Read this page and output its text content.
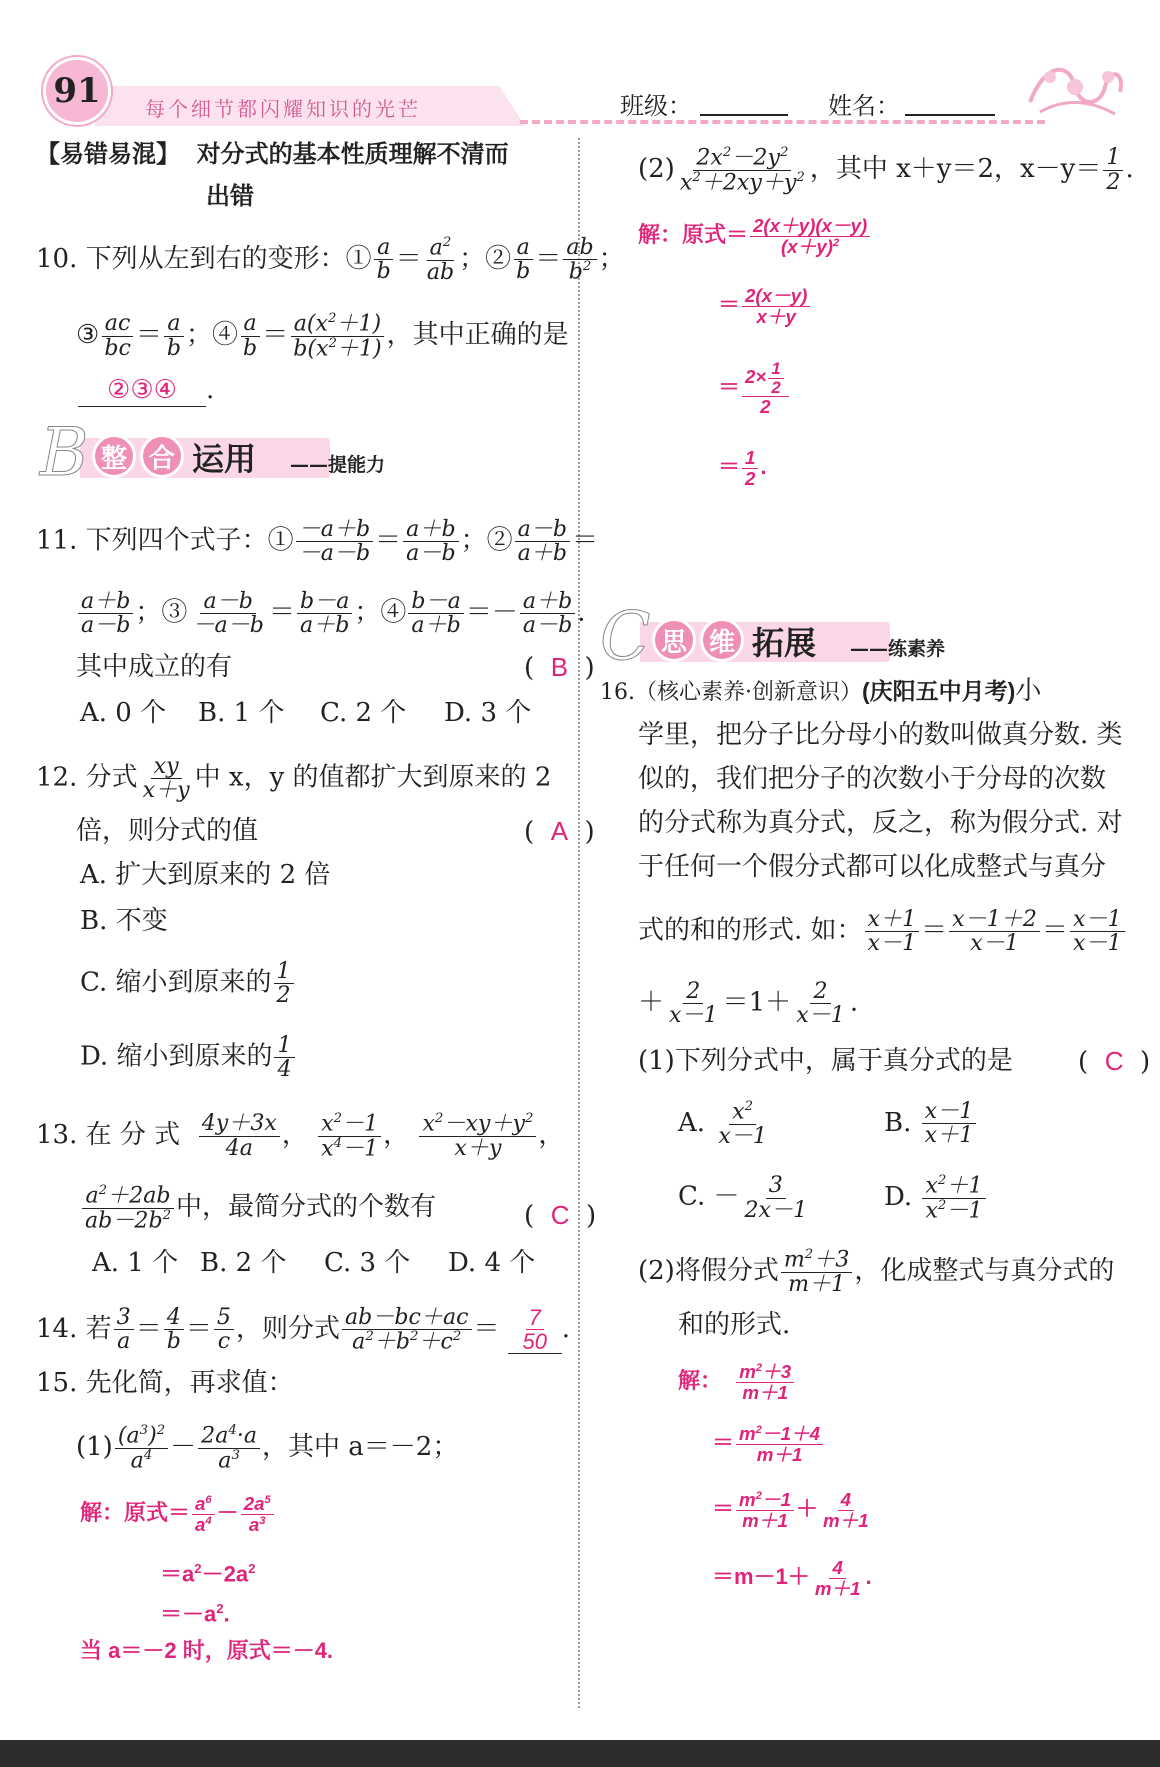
91	每个细节都闪耀知识的光芒	班级：	姓名：
【易错易混】 对分式的基本性质理解不清而
出错
10. 下列从左到右的变形：① $\frac{a}{b} = \frac{a^2}{ab}$ ；② $\frac{a}{b} = \frac{ab}{b^2}$ ；
③ $\frac{ac}{bc} = \frac{a}{b}$ ；④ $\frac{a}{b} = \frac{a(x^2+1)}{b(x^2+1)}$ ，其中正确的是
②③④ .
B 整 合 运用 ——提能力
11. 下列四个式子：① $\frac{-a+b}{-a-b} = \frac{a+b}{a-b}$ ；② $\frac{a-b}{a+b}$ ＝
$\frac{a+b}{a-b}$ ；③ $\frac{a-b}{-a-b} = \frac{b-a}{a+b}$ ；④ $\frac{b-a}{a+b} =- \frac{a+b}{a-b}$ .
其中成立的有	(  B  )
A. 0 个 B. 1 个 C. 2 个 D. 3 个
12. 分式 $\frac{xy}{x+y}$ 中 x，y 的值都扩大到原来的 2
倍，则分式的值	(  A  )
A. 扩大到原来的 2 倍
B. 不变
C. 缩小到原来的 $\frac{1}{2}$
D. 缩小到原来的 $\frac{1}{4}$
13. 在 分 式 $\frac{4y+3x}{4a}$ ， $\frac{x^2-1}{x^4-1}$ ， $\frac{x^2-xy+y^2}{x+y}$ ，
$\frac{a^2+2ab}{ab-2b^2}$ 中，最简分式的个数有	(  C  )
A. 1 个 B. 2 个 C. 3 个 D. 4 个
14. 若 $\frac{3}{a} = \frac{4}{b} = \frac{5}{c}$ ，则分式 $\frac{ab-bc+ac}{a^2+b^2+c^2} = \frac{7}{50}$ .
15. 先化简，再求值：
$(1) \frac{(a^3)^2}{a^4} - \frac{2a^4\cdot a}{a^3}$ ，其中 a＝－2；
解：原式＝ $\frac{a^6}{a^4} - \frac{2a^5}{a^3}$
$=a^2-2a^2$
$=-a^2$.
当 a＝－2 时，原式＝－4.
$(2) \frac{2x^2-2y^2}{x^2+2xy+y^2}$ ，其中 x＋y＝2，$x-y= \frac{1}{2}$ .
解：原式＝ $\frac{2(x+y)(x-y)}{(x+y)^2}$
＝ $\frac{2(x-y)}{x+y}$
＝ $\frac{2\times \frac{1}{2}}{2}$
＝ $\frac{1}{2}$ .
C 思 维 拓展 ——练素养
16.（核心素养·创新意识）(庆阳五中月考)小
学里，把分子比分母小的数叫做真分数. 类
似的，我们把分子的次数小于分母的次数
的分式称为真分式，反之，称为假分式. 对
于任何一个假分式都可以化成整式与真分
式的和的形式. 如： $\frac{x+1}{x-1} = \frac{x-1+2}{x-1} = \frac{x-1}{x-1}$
＋ $\frac{2}{x-1} =1+ \frac{2}{x-1}$ .
(1)下列分式中，属于真分式的是	(  C  )
A. $\frac{x^2}{x-1}$	B. $\frac{x-1}{x+1}$
C. － $\frac{3}{2x-1}$	D. $\frac{x^2+1}{x^2-1}$
(2)将假分式 $\frac{m^2+3}{m+1}$ ，化成整式与真分式的
和的形式.
解： $\frac{m^2+3}{m+1}$
＝ $\frac{m^2-1+4}{m+1}$
＝ $\frac{m^2-1}{m+1} + \frac{4}{m+1}$
$=m-1+ \frac{4}{m+1}$ .
